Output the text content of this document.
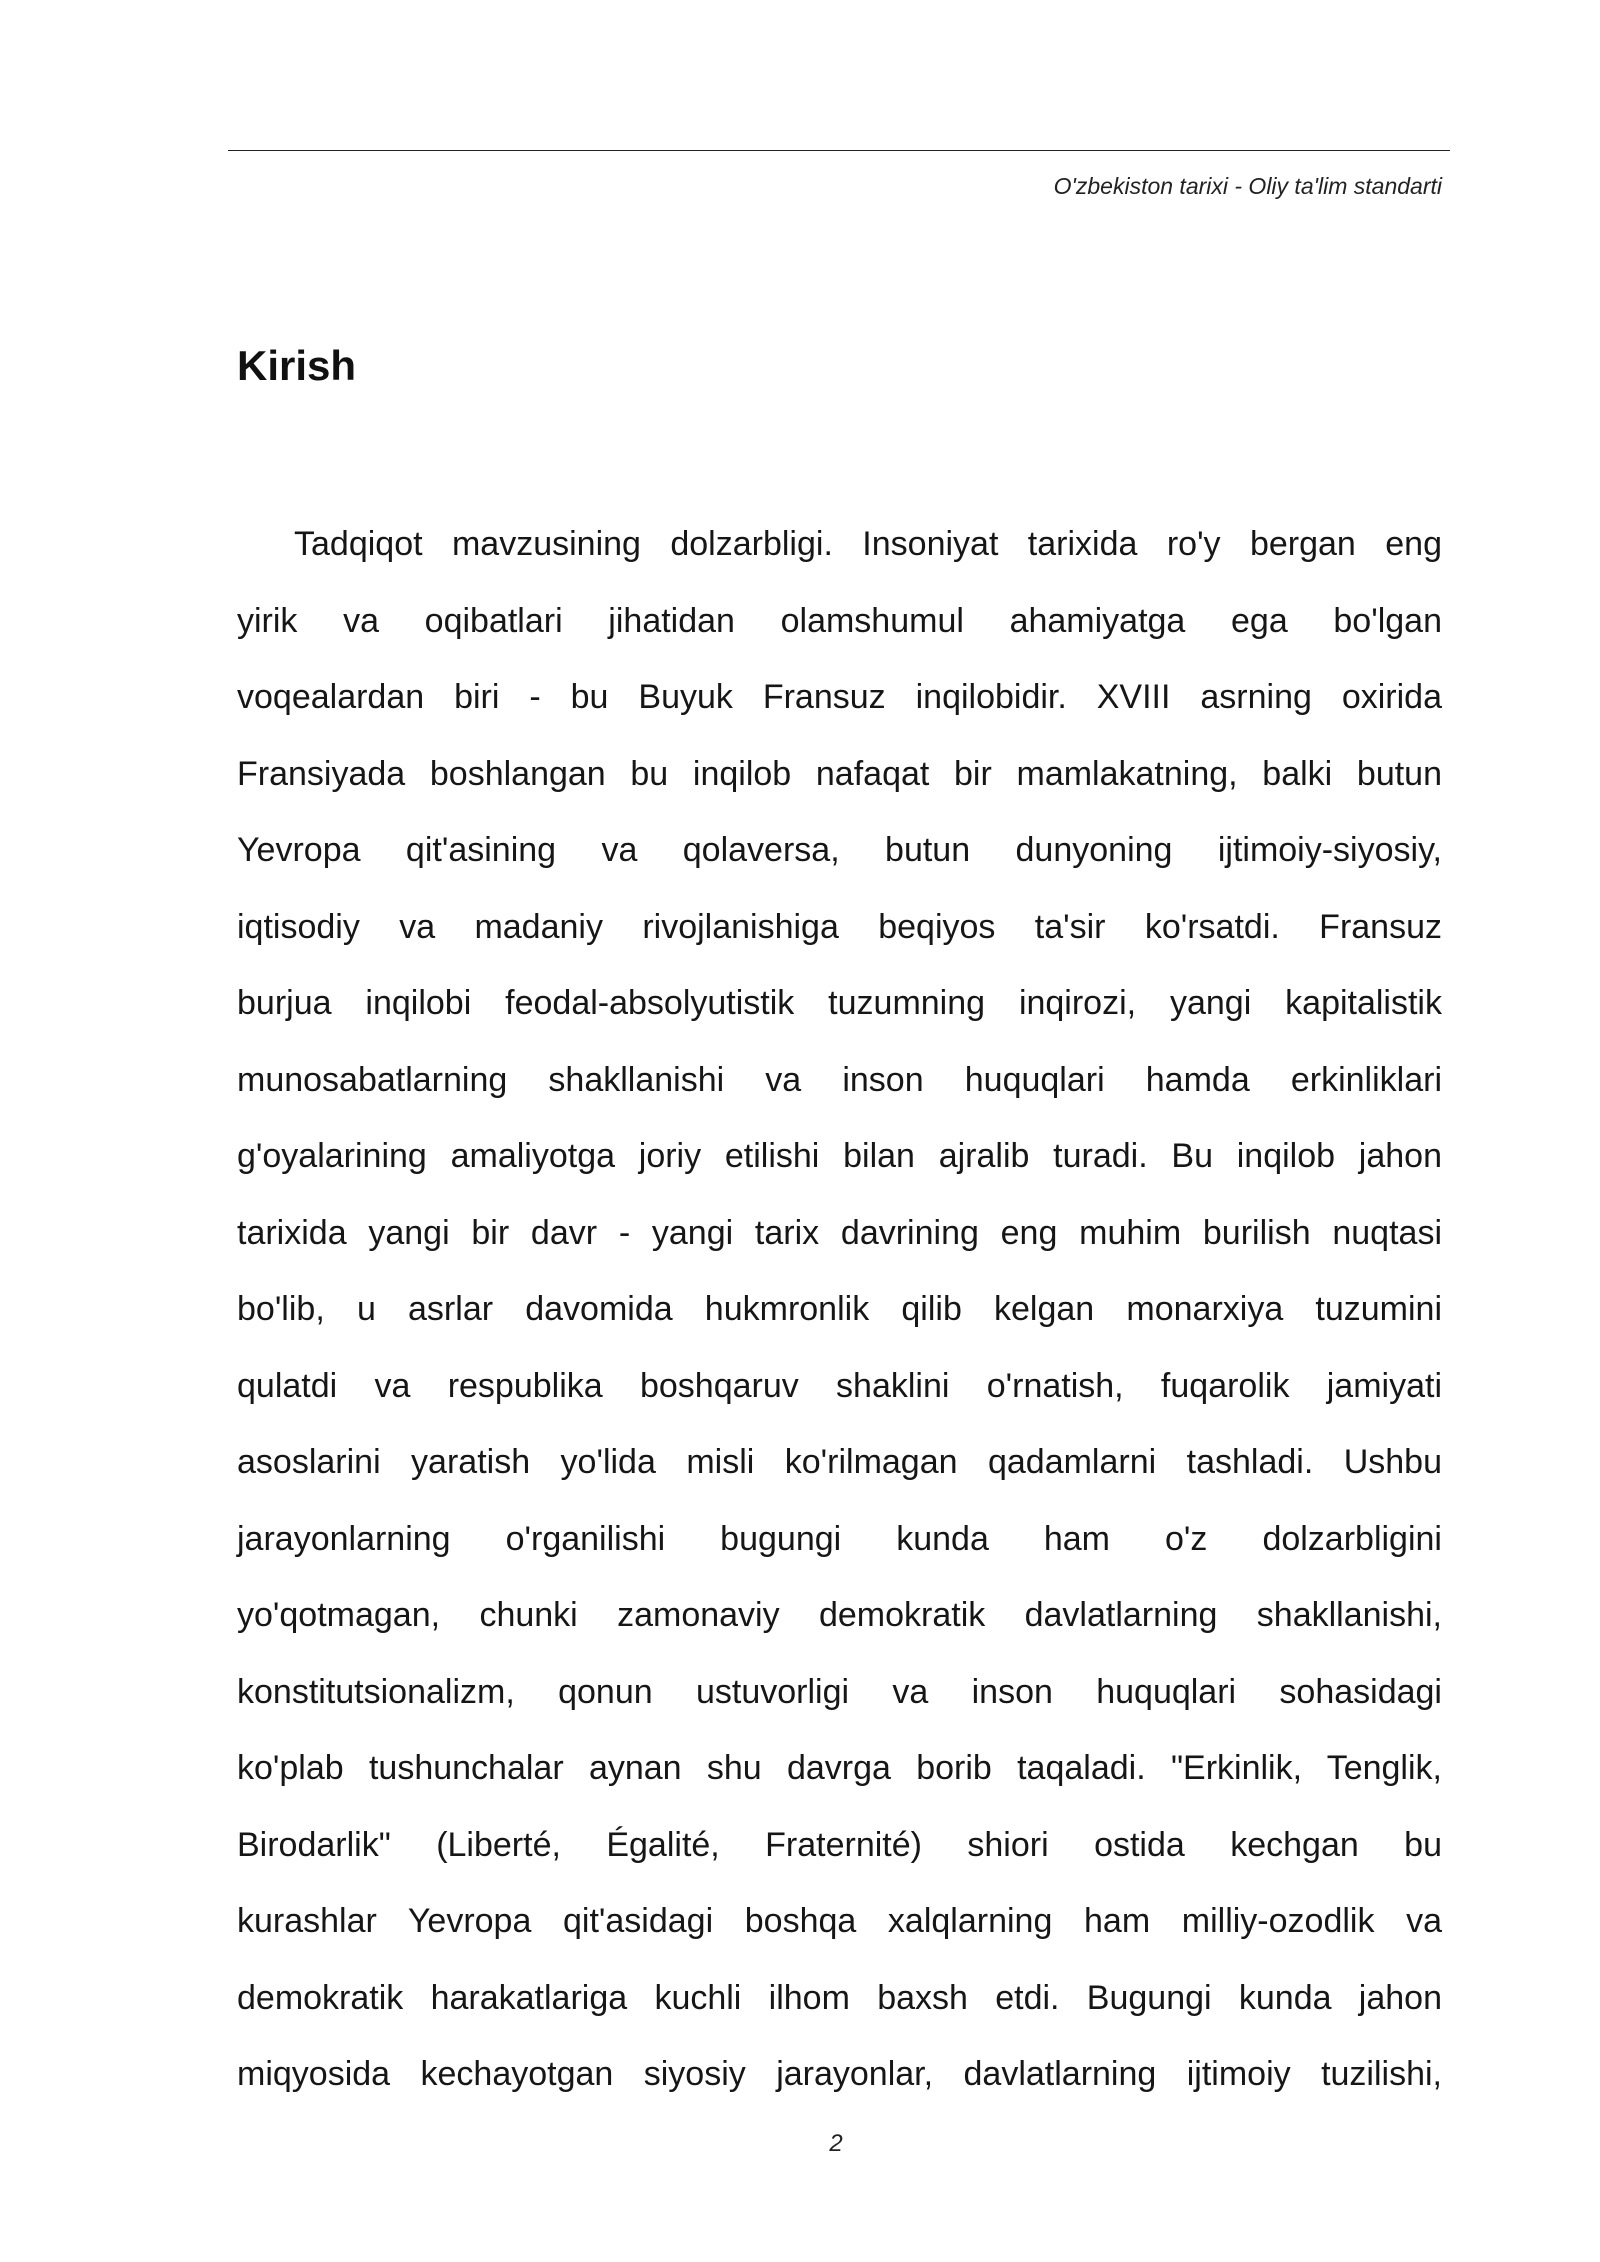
O'zbekiston tarixi - Oliy ta'lim standarti
Kirish
Tadqiqot mavzusining dolzarbligi. Insoniyat tarixida ro'y bergan eng
yirik va oqibatlari jihatidan olamshumul ahamiyatga ega bo'lgan
voqealardan biri - bu Buyuk Fransuz inqilobidir. XVIII asrning oxirida
Fransiyada boshlangan bu inqilob nafaqat bir mamlakatning, balki butun
Yevropa qit'asining va qolaversa, butun dunyoning ijtimoiy-siyosiy,
iqtisodiy va madaniy rivojlanishiga beqiyos ta'sir ko'rsatdi. Fransuz
burjua inqilobi feodal-absolyutistik tuzumning inqirozi, yangi kapitalistik
munosabatlarning shakllanishi va inson huquqlari hamda erkinliklari
g'oyalarining amaliyotga joriy etilishi bilan ajralib turadi. Bu inqilob jahon
tarixida yangi bir davr - yangi tarix davrining eng muhim burilish nuqtasi
bo'lib, u asrlar davomida hukmronlik qilib kelgan monarxiya tuzumini
qulatdi va respublika boshqaruv shaklini o'rnatish, fuqarolik jamiyati
asoslarini yaratish yo'lida misli ko'rilmagan qadamlarni tashladi. Ushbu
jarayonlarning o'rganilishi bugungi kunda ham o'z dolzarbligini
yo'qotmagan, chunki zamonaviy demokratik davlatlarning shakllanishi,
konstitutsionalizm, qonun ustuvorligi va inson huquqlari sohasidagi
ko'plab tushunchalar aynan shu davrga borib taqaladi. "Erkinlik, Tenglik,
Birodarlik" (Liberté, Égalité, Fraternité) shiori ostida kechgan bu
kurashlar Yevropa qit'asidagi boshqa xalqlarning ham milliy-ozodlik va
demokratik harakatlariga kuchli ilhom baxsh etdi. Bugungi kunda jahon
miqyosida kechayotgan siyosiy jarayonlar, davlatlarning ijtimoiy tuzilishi,
2
